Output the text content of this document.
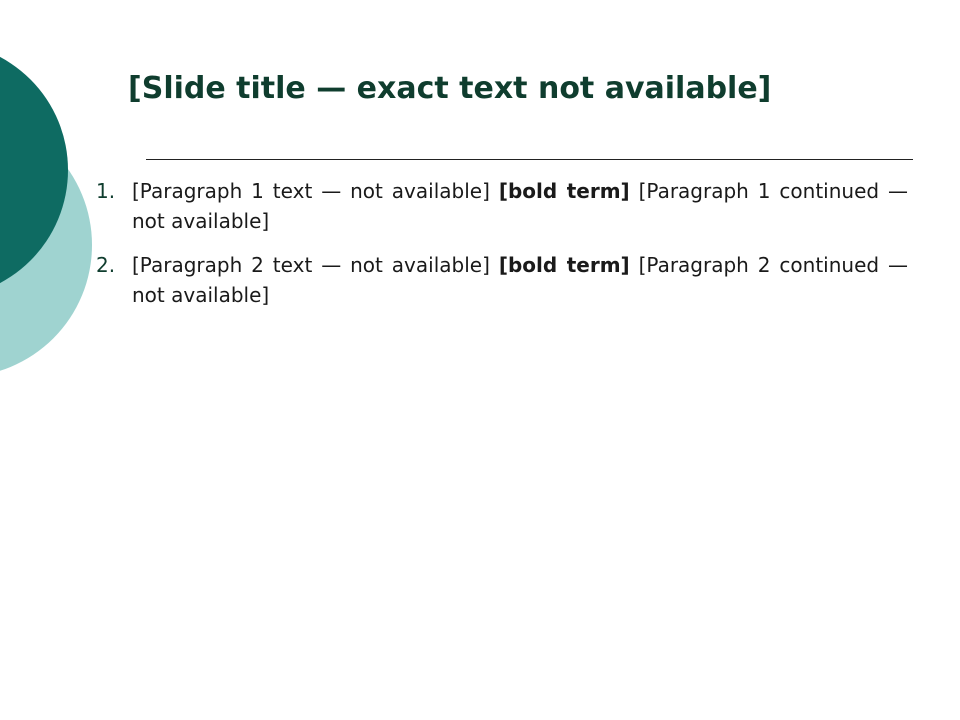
[Slide title — exact text not available]
1. [Paragraph 1 text — not available] [bold term] [Paragraph 1 continued — not available]
2. [Paragraph 2 text — not available] [bold term] [Paragraph 2 continued — not available]
